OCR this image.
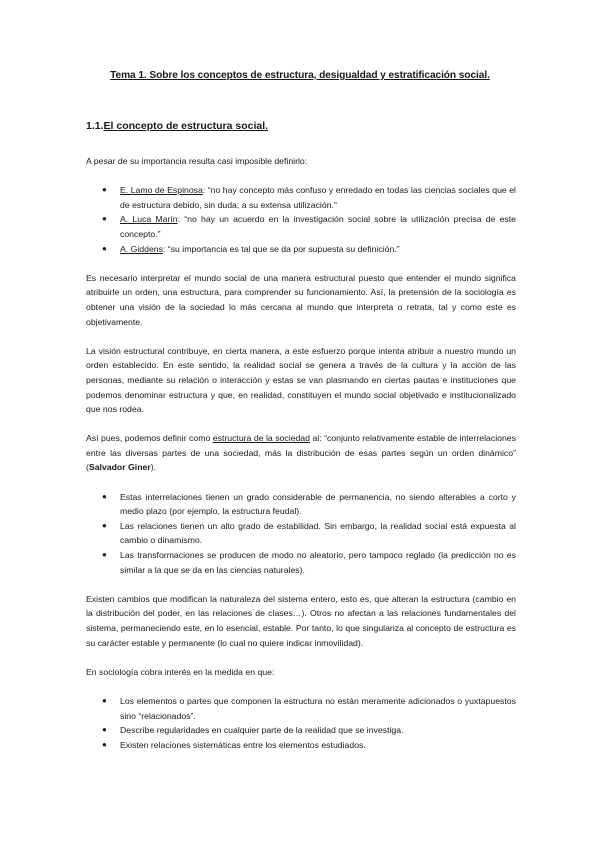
Tema 1. Sobre los conceptos de estructura, desigualdad y estratificación social.
1.1.El concepto de estructura social.

A pesar de su importancia resulta casi imposible definirlo:

● E. Lamo de Espinosa: “no hay concepto más confuso y enredado en todas las ciencias sociales que el de estructura debido, sin duda, a su extensa utilización.”
● A. Luca Marín: “no hay un acuerdo en la investigación social sobre la utilización precisa de este concepto.”
● A. Giddens: “su importancia es tal que se da por supuesta su definición.”

Es necesario interpretar el mundo social de una manera estructural puesto que entender el mundo significa atribuirle un orden, una estructura, para comprender su funcionamiento. Así, la pretensión de la sociología es obtener una visión de la sociedad lo más cercana al mundo que interpreta o retrata, tal y como este es objetivamente.

La visión estructural contribuye, en cierta manera, a este esfuerzo porque intenta atribuir a nuestro mundo un orden establecido. En este sentido, la realidad social se genera a través de la cultura y la acción de las personas, mediante su relación o interacción y estas se van plasmando en ciertas pautas e instituciones que podemos denominar estructura y que, en realidad, constituyen el mundo social objetivado e institucionalizado que nos rodea.

Así pues, podemos definir como estructura de la sociedad al: “conjunto relativamente estable de interrelaciones entre las diversas partes de una sociedad, más la distribución de esas partes según un orden dinámico” (Salvador Giner).

● Estas interrelaciones tienen un grado considerable de permanencia, no siendo alterables a corto y medio plazo (por ejemplo, la estructura feudal).
● Las relaciones tienen un alto grado de estabilidad. Sin embargo, la realidad social está expuesta al cambio o dinamismo.
● Las transformaciones se producen de modo no aleatorio, pero tampoco reglado (la predicción no es similar a la que se da en las ciencias naturales).

Existen cambios que modifican la naturaleza del sistema entero, esto es, que alteran la estructura (cambio en la distribución del poder, en las relaciones de clases…). Otros no afectan a las relaciones fundamentales del sistema, permaneciendo este, en lo esencial, estable. Por tanto, lo que singulariza al concepto de estructura es su carácter estable y permanente (lo cual no quiere indicar inmovilidad).

En sociología cobra interés en la medida en que:

● Los elementos o partes que componen la estructura no están meramente adicionados o yuxtapuestos sino “relacionados”.
● Describe regularidades en cualquier parte de la realidad que se investiga.
● Existen relaciones sistemáticas entre los elementos estudiados.
